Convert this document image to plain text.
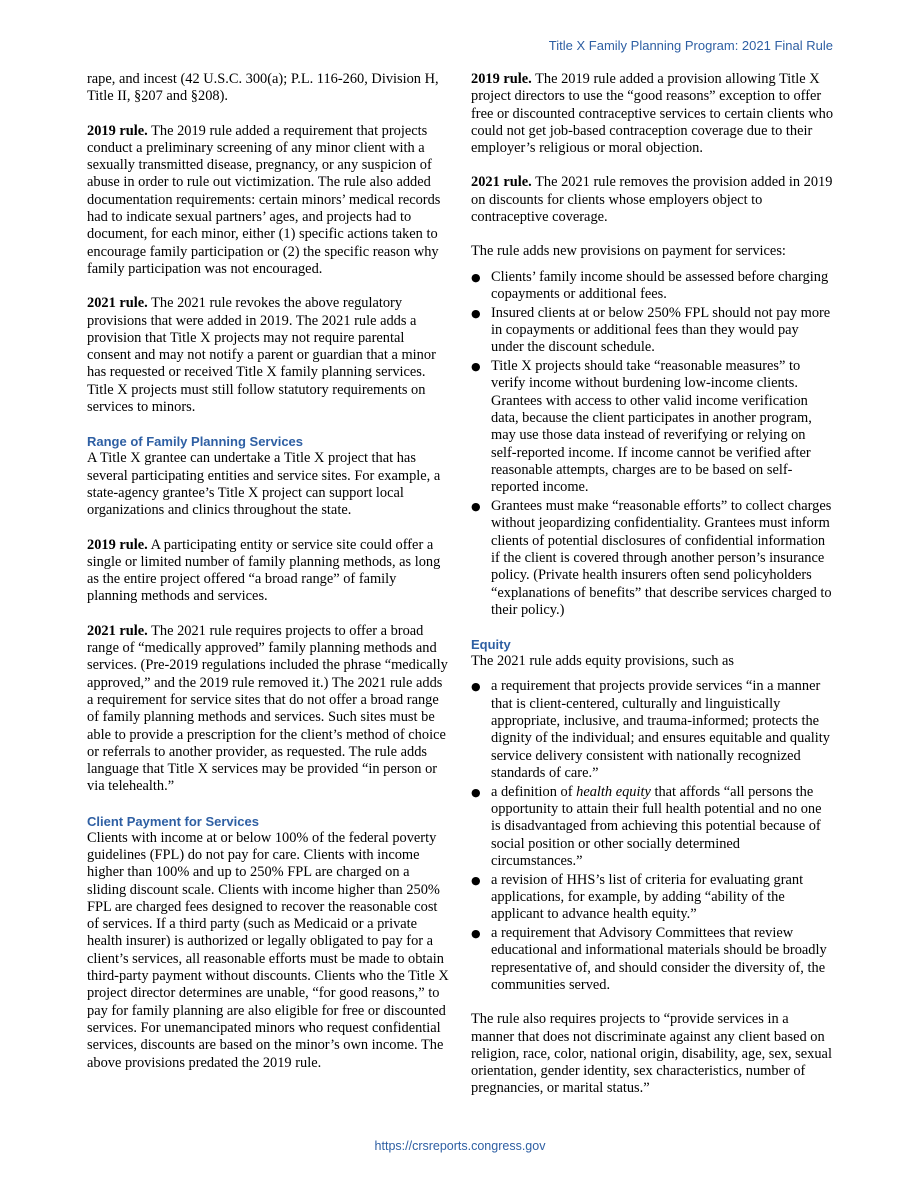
Title X Family Planning Program: 2021 Final Rule

rape, and incest (42 U.S.C. 300(a); P.L. 116-260, Division H, Title II, §207 and §208).

2019 rule. The 2019 rule added a requirement that projects conduct a preliminary screening of any minor client with a sexually transmitted disease, pregnancy, or any suspicion of abuse in order to rule out victimization. The rule also added documentation requirements: certain minors’ medical records had to indicate sexual partners’ ages, and projects had to document, for each minor, either (1) specific actions taken to encourage family participation or (2) the specific reason why family participation was not encouraged.

2021 rule. The 2021 rule revokes the above regulatory provisions that were added in 2019. The 2021 rule adds a provision that Title X projects may not require parental consent and may not notify a parent or guardian that a minor has requested or received Title X family planning services. Title X projects must still follow statutory requirements on services to minors.

Range of Family Planning Services

A Title X grantee can undertake a Title X project that has several participating entities and service sites. For example, a state-agency grantee’s Title X project can support local organizations and clinics throughout the state.

2019 rule. A participating entity or service site could offer a single or limited number of family planning methods, as long as the entire project offered “a broad range” of family planning methods and services.

2021 rule. The 2021 rule requires projects to offer a broad range of “medically approved” family planning methods and services. (Pre-2019 regulations included the phrase “medically approved,” and the 2019 rule removed it.) The 2021 rule adds a requirement for service sites that do not offer a broad range of family planning methods and services. Such sites must be able to provide a prescription for the client’s method of choice or referrals to another provider, as requested. The rule adds language that Title X services may be provided “in person or via telehealth.”

Client Payment for Services

Clients with income at or below 100% of the federal poverty guidelines (FPL) do not pay for care. Clients with income higher than 100% and up to 250% FPL are charged on a sliding discount scale. Clients with income higher than 250% FPL are charged fees designed to recover the reasonable cost of services. If a third party (such as Medicaid or a private health insurer) is authorized or legally obligated to pay for a client’s services, all reasonable efforts must be made to obtain third-party payment without discounts. Clients who the Title X project director determines are unable, “for good reasons,” to pay for family planning are also eligible for free or discounted services. For unemancipated minors who request confidential services, discounts are based on the minor’s own income. The above provisions predated the 2019 rule.

2019 rule. The 2019 rule added a provision allowing Title X project directors to use the “good reasons” exception to offer free or discounted contraceptive services to certain clients who could not get job-based contraception coverage due to their employer’s religious or moral objection.

2021 rule. The 2021 rule removes the provision added in 2019 on discounts for clients whose employers object to contraceptive coverage.

The rule adds new provisions on payment for services:

● Clients’ family income should be assessed before charging copayments or additional fees.
● Insured clients at or below 250% FPL should not pay more in copayments or additional fees than they would pay under the discount schedule.
● Title X projects should take “reasonable measures” to verify income without burdening low-income clients. Grantees with access to other valid income verification data, because the client participates in another program, may use those data instead of reverifying or relying on self-reported income. If income cannot be verified after reasonable attempts, charges are to be based on self-reported income.
● Grantees must make “reasonable efforts” to collect charges without jeopardizing confidentiality. Grantees must inform clients of potential disclosures of confidential information if the client is covered through another person’s insurance policy. (Private health insurers often send policyholders “explanations of benefits” that describe services charged to their policy.)
Equity

The 2021 rule adds equity provisions, such as

● a requirement that projects provide services “in a manner that is client-centered, culturally and linguistically appropriate, inclusive, and trauma-informed; protects the dignity of the individual; and ensures equitable and quality service delivery consistent with nationally recognized standards of care.”
● a definition of health equity that affords “all persons the opportunity to attain their full health potential and no one is disadvantaged from achieving this potential because of social position or other socially determined circumstances.”
● a revision of HHS’s list of criteria for evaluating grant applications, for example, by adding “ability of the applicant to advance health equity.”
● a requirement that Advisory Committees that review educational and informational materials should be broadly representative of, and should consider the diversity of, the communities served.

The rule also requires projects to “provide services in a manner that does not discriminate against any client based on religion, race, color, national origin, disability, age, sex, sexual orientation, gender identity, sex characteristics, number of pregnancies, or marital status.”

https://crsreports.congress.gov
